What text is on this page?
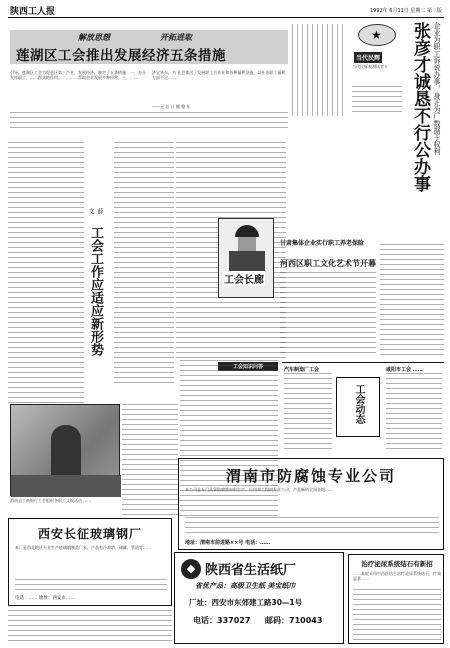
陕西工人报	1992年 6月11日 星期二 第三版
解放思想	开拓进取
莲湖区工会推出发展经济五条措施
引导、莲湖区工会为促进区第三产业、发展经济，制定了五条措施：一、充分发挥职工、……群众的作用。二、……帮助企业发展多种经营。三、……
济宝华东，为 社会推出了发展职工合作社和各种福利设施，以补充职工福利方面不足……
——元 总 日 播 整 年
★
当代民辉
当代民辉观测读者卡	张彦才诚恳不行公办事 企业为职工诉说办事，身正为厂数据于权利
工会工作应适应新形势
薛 文
工会长廊
工会知识问答
甘肃集体企业实行职工养老保险
河西区职工文化艺术节开幕
渭南县工商银行工会组织各职工文娱活动 ……
汽车制造厂工会
工会动态
咸阳市工会 ……
渭南市防腐蚀专业公司
本公司是专门从事防腐蚀材料生产、应用和工程的专业公司，产品畅销全国各地……
地址：渭南市前进路××号 电话：……
西安长征玻璃钢厂
本厂是西北地区专业生产玻璃钢制品厂家，产品有冷却塔、储罐、管道等……
电话：…… 地址：西安市……
◆ 陕西省生活纸厂
省优产品：高级卫生纸 美宝纸巾
厂址：西安市东郊建工路30—1号
电话：337027 邮码：710043
治疗泌尿系统结石有新招
……本院采用中西医结合治疗泌尿系统结石，疗效显著……
